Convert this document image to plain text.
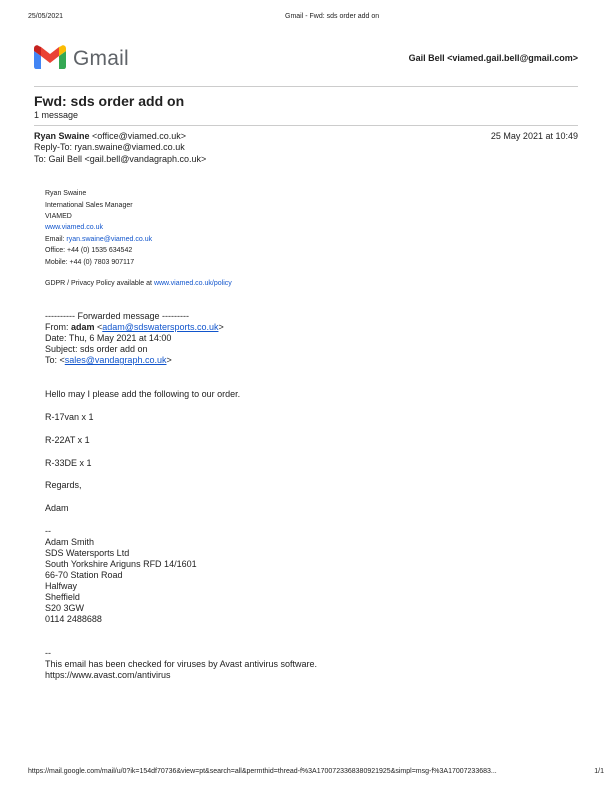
25/05/2021	Gmail - Fwd: sds order add on
Gmail	Gail Bell <viamed.gail.bell@gmail.com>
Fwd: sds order add on
1 message
Ryan Swaine <office@viamed.co.uk>	25 May 2021 at 10:49
Reply-To: ryan.swaine@viamed.co.uk
To: Gail Bell <gail.bell@vandagraph.co.uk>
Ryan Swaine
International Sales Manager
VIAMED
www.viamed.co.uk
Email: ryan.swaine@viamed.co.uk
Office: +44 (0) 1535 634542
Mobile: +44 (0) 7803 907117
GDPR / Privacy Policy available at www.viamed.co.uk/policy
---------- Forwarded message ---------
From: adam <adam@sdswatersports.co.uk>
Date: Thu, 6 May 2021 at 14:00
Subject: sds order add on
To: <sales@vandagraph.co.uk>
Hello may I please add the following to our order.
R-17van x 1
R-22AT x 1
R-33DE x 1
Regards,
Adam
--
Adam Smith
SDS Watersports Ltd
South Yorkshire Ariguns RFD 14/1601
66-70 Station Road
Halfway
Sheffield
S20 3GW
0114 2488688
--
This email has been checked for viruses by Avast antivirus software.
https://www.avast.com/antivirus
https://mail.google.com/mail/u/0?ik=154df70736&view=pt&search=all&permthid=thread-f%3A1700723368380921925&simpl=msg-f%3A17007233683...	1/1
